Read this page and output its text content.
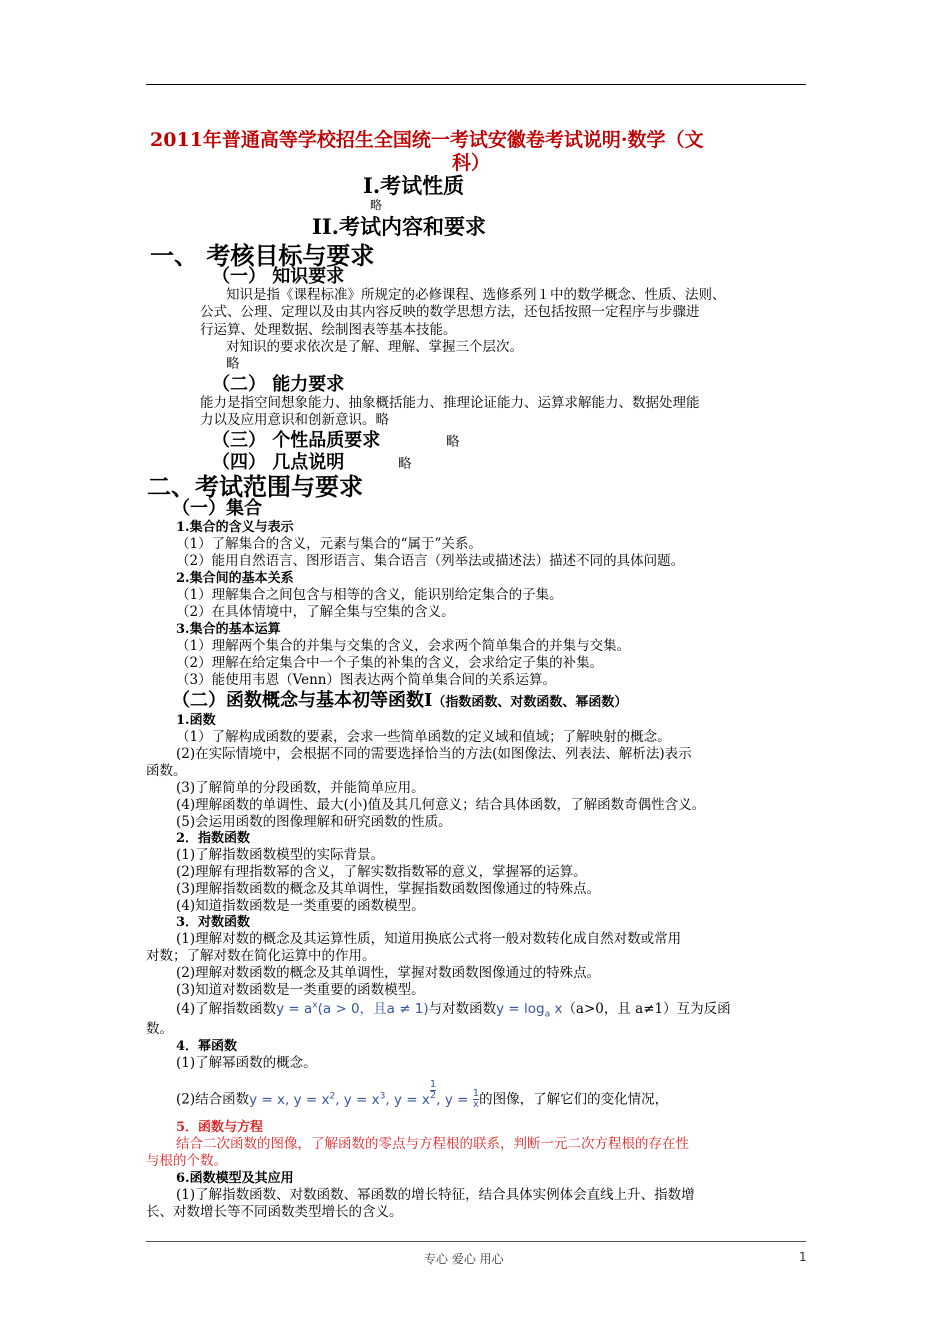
2011年普通高等学校招生全国统一考试安徽卷考试说明·数学（文
科）
I.考试性质
略
II.考试内容和要求
一、 考核目标与要求
（一） 知识要求
知识是指《课程标准》所规定的必修课程、选修系列１中的数学概念、性质、法则、
公式、公理、定理以及由其内容反映的数学思想方法，还包括按照一定程序与步骤进
行运算、处理数据、绘制图表等基本技能。
对知识的要求依次是了解、理解、掌握三个层次。
略
（二） 能力要求
能力是指空间想象能力、抽象概括能力、推理论证能力、运算求解能力、数据处理能
力以及应用意识和创新意识。略
（三） 个性品质要求	略
（四） 几点说明	略
二、考试范围与要求
（一）集合
1.集合的含义与表示
（1）了解集合的含义，元素与集合的“属于”关系。
（2）能用自然语言、图形语言、集合语言（列举法或描述法）描述不同的具体问题。
2.集合间的基本关系
（1）理解集合之间包含与相等的含义，能识别给定集合的子集。
（2）在具体情境中，了解全集与空集的含义。
3.集合的基本运算
（1）理解两个集合的并集与交集的含义，会求两个简单集合的并集与交集。
（2）理解在给定集合中一个子集的补集的含义，会求给定子集的补集。
（3）能使用韦恩（Venn）图表达两个简单集合间的关系运算。
（二）函数概念与基本初等函数Ⅰ（指数函数、对数函数、幂函数）
1.函数
（1）了解构成函数的要素，会求一些简单函数的定义域和值域；了解映射的概念。
(2)在实际情境中，会根据不同的需要选择恰当的方法(如图像法、列表法、解析法)表示
函数。
(3)了解简单的分段函数，并能简单应用。
(4)理解函数的单调性、最大(小)值及其几何意义；结合具体函数，了解函数奇偶性含义。
(5)会运用函数的图像理解和研究函数的性质。
2．指数函数
(1)了解指数函数模型的实际背景。
(2)理解有理指数幂的含义，了解实数指数幂的意义，掌握幂的运算。
(3)理解指数函数的概念及其单调性，掌握指数函数图像通过的特殊点。
(4)知道指数函数是一类重要的函数模型。
3．对数函数
(1)理解对数的概念及其运算性质，知道用换底公式将一般对数转化成自然对数或常用
对数；了解对数在简化运算中的作用。
(2)理解对数函数的概念及其单调性，掌握对数函数图像通过的特殊点。
(3)知道对数函数是一类重要的函数模型。
(4)了解指数函数$y = a^x(a > 0$，且a ≠ 1)与对数函数$y = \log_a x(a>0$，且 a≠1）互为反函
数。
4．幂函数
(1)了解幂函数的概念。
(2)结合函数y = x, $y = x^2$, $y = x^3$, y = x $\frac{1}{2}$ , $y = \frac{1}{x}$ 的图像，了解它们的变化情况，
5．函数与方程
结合二次函数的图像，了解函数的零点与方程根的联系，判断一元二次方程根的存在性
与根的个数。
6.函数模型及其应用
(1)了解指数函数、对数函数、幂函数的增长特征，结合具体实例体会直线上升、指数增
长、对数增长等不同函数类型增长的含义。
专心 爱心 用心	1
